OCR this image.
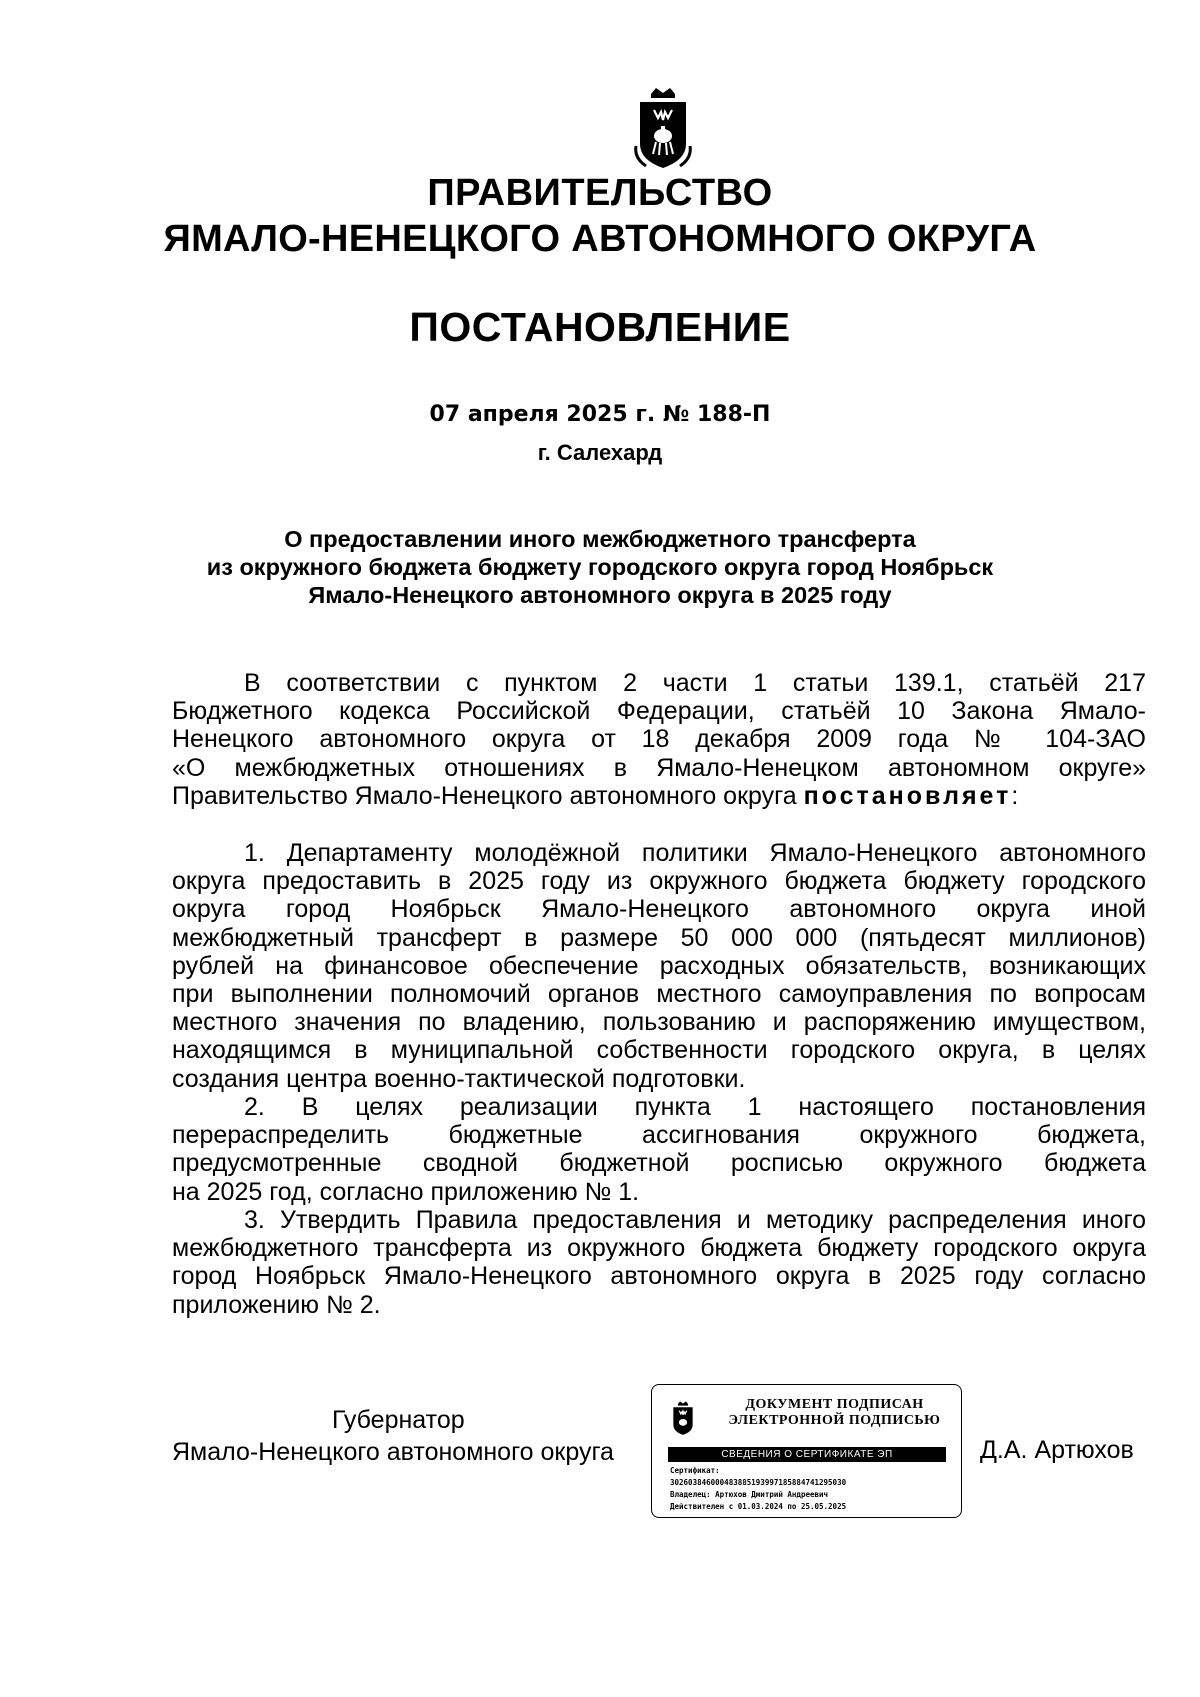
ПРАВИТЕЛЬСТВО
ЯМАЛО-НЕНЕЦКОГО АВТОНОМНОГО ОКРУГА
ПОСТАНОВЛЕНИЕ
07 апреля 2025 г. № 188-П
г. Салехард
О предоставлении иного межбюджетного трансферта
из окружного бюджета бюджету городского округа город Ноябрьск
Ямало-Ненецкого автономного округа в 2025 году
В соответствии с пунктом 2 части 1 статьи 139.1, статьёй 217
Бюджетного кодекса Российской Федерации, статьёй 10 Закона Ямало-
Ненецкого автономного округа от 18 декабря 2009 года № 104-ЗАО
«О межбюджетных отношениях в Ямало-Ненецком автономном округе»
Правительство Ямало-Ненецкого автономного округа постановляет:
1. Департаменту молодёжной политики Ямало-Ненецкого автономного
округа предоставить в 2025 году из окружного бюджета бюджету городского
округа город Ноябрьск Ямало-Ненецкого автономного округа иной
межбюджетный трансферт в размере 50 000 000 (пятьдесят миллионов)
рублей на финансовое обеспечение расходных обязательств, возникающих
при выполнении полномочий органов местного самоуправления по вопросам
местного значения по владению, пользованию и распоряжению имуществом,
находящимся в муниципальной собственности городского округа, в целях
создания центра военно-тактической подготовки.
2. В целях реализации пункта 1 настоящего постановления
перераспределить бюджетные ассигнования окружного бюджета,
предусмотренные сводной бюджетной росписью окружного бюджета
на 2025 год, согласно приложению № 1.
3. Утвердить Правила предоставления и методику распределения иного
межбюджетного трансферта из окружного бюджета бюджету городского округа
город Ноябрьск Ямало-Ненецкого автономного округа в 2025 году согласно
приложению № 2.
Губернатор
Ямало-Ненецкого автономного округа
ДОКУМЕНТ ПОДПИСАН
ЭЛЕКТРОННОЙ ПОДПИСЬЮ
СВЕДЕНИЯ О СЕРТИФИКАТЕ ЭП
Сертификат:
302603846000483885193997185884741295030
Владелец: Артюхов Дмитрий Андреевич
Действителен с 01.03.2024 по 25.05.2025
Д.А. Артюхов
